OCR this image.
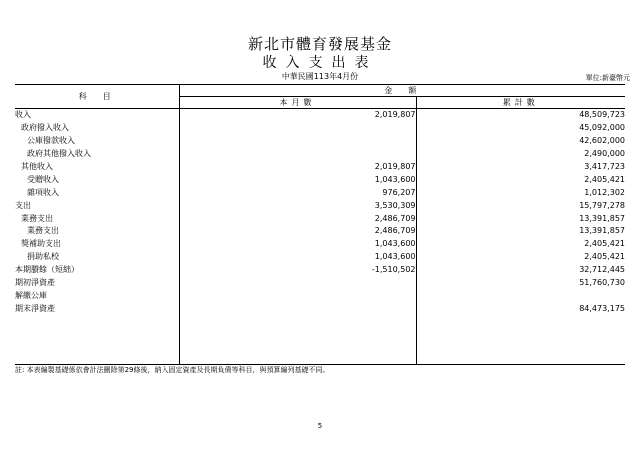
新北市體育發展基金
收入支出表
中華民國113年4月份	單位:新臺幣元
科　目	金　額	
	本月數	累計數
收入	2,019,807	48,509,723
政府撥入收入		45,092,000
公庫撥款收入		42,602,000
政府其他撥入收入		2,490,000
其他收入	2,019,807	3,417,723
受贈收入	1,043,600	2,405,421
雜項收入	976,207	1,012,302
支出	3,530,309	15,797,278
業務支出	2,486,709	13,391,857
業務支出	2,486,709	13,391,857
獎補助支出	1,043,600	2,405,421
捐助私校	1,043,600	2,405,421
本期賸餘（短絀）	-1,510,502	32,712,445
期初淨資產		51,760,730
解繳公庫		
期末淨資產		84,473,175

註: 本表編製基礎係依會計法刪除第29條後，納入固定資產及長期負債等科目，與預算編列基礎不同。
5
